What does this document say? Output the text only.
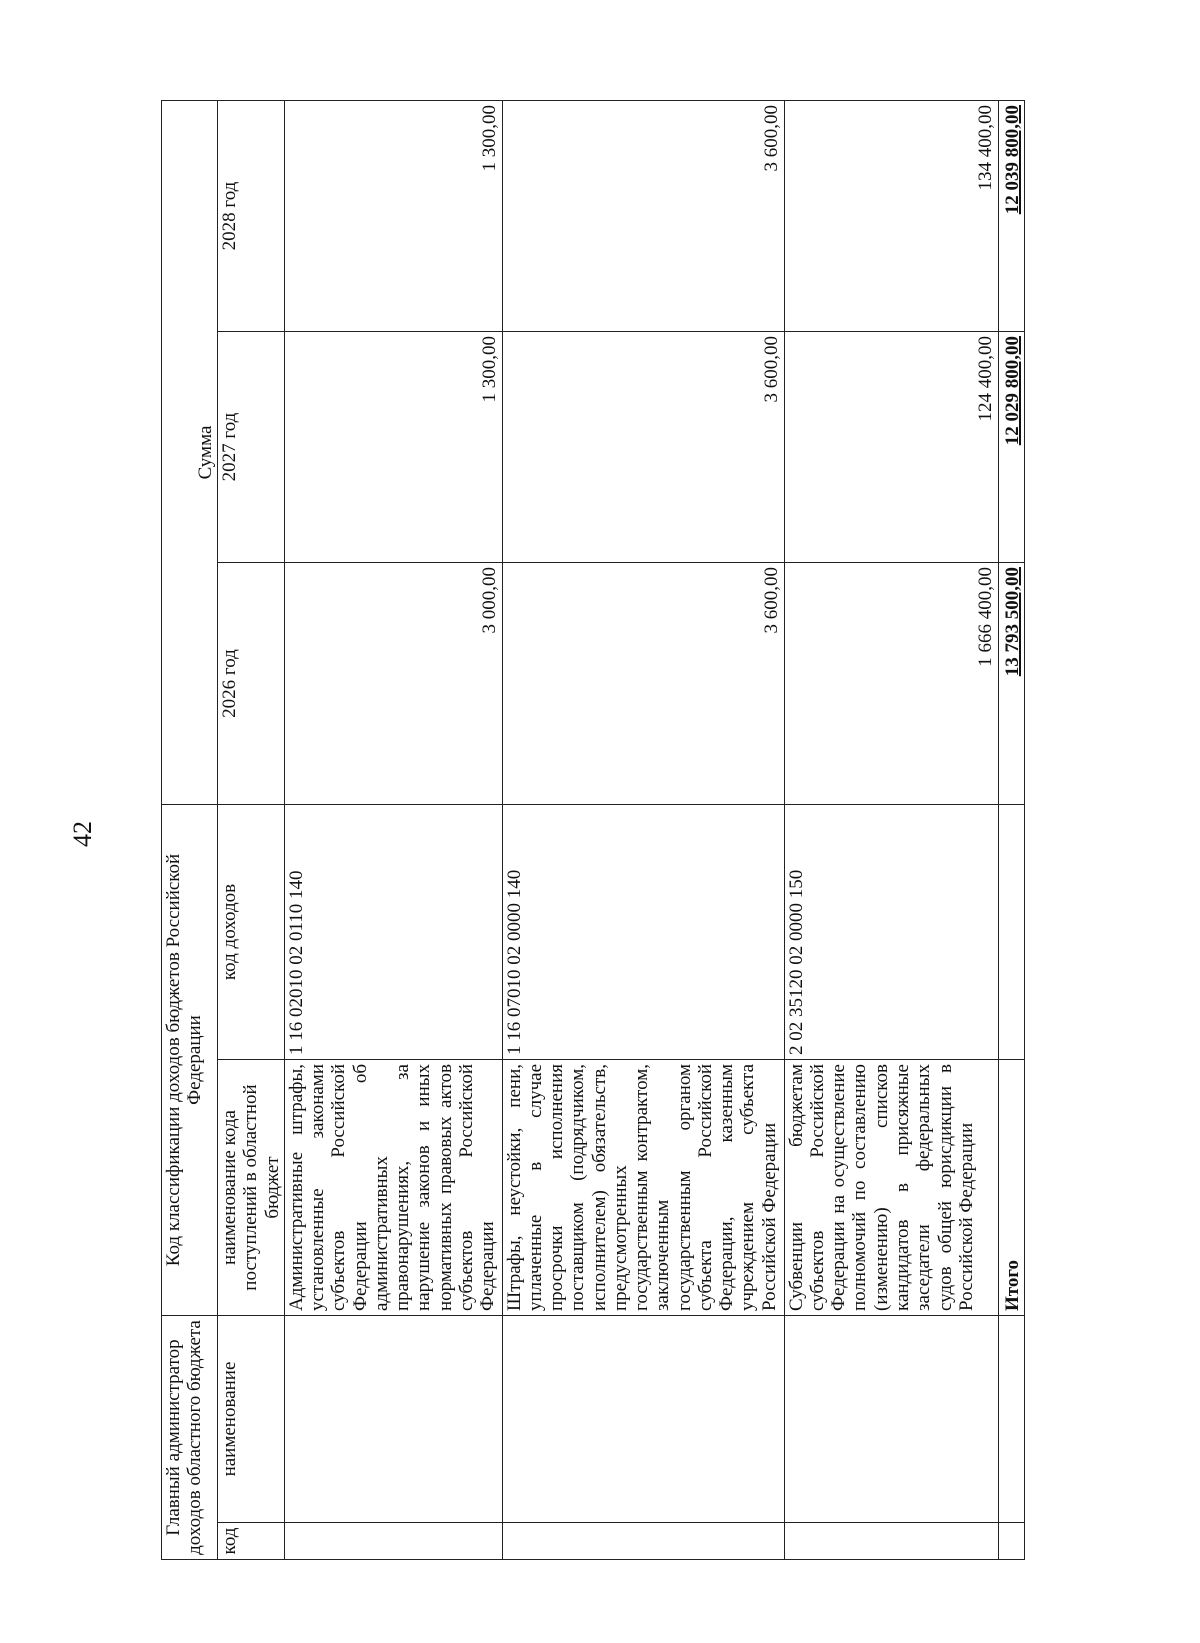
42
Главный администратор доходов областного бюджета		Код классификации доходов бюджетов Российской Федерации		Сумма		
код	наименование	наименование кода поступлений в областной бюджет	код доходов	2026 год	2027 год	2028 год
		Административные штрафы, установленные законами субъектов Российской Федерации об административных правонарушениях, за нарушение законов и иных нормативных правовых актов субъектов Российской Федерации	1 16 02010 02 0110 140	3 000,00	1 300,00	1 300,00
		Штрафы, неустойки, пени, уплаченные в случае просрочки исполнения поставщиком (подрядчиком, исполнителем) обязательств, предусмотренных государственным контрактом, заключенным государственным органом субъекта Российской Федерации, казенным учреждением субъекта Российской Федерации	1 16 07010 02 0000 140	3 600,00	3 600,00	3 600,00
		Субвенции бюджетам субъектов Российской Федерации на осуществление полномочий по составлению (изменению) списков кандидатов в присяжные заседатели федеральных судов общей юрисдикции в Российской Федерации	2 02 35120 02 0000 150	1 666 400,00	124 400,00	134 400,00
		Итого		13 793 500,00	12 029 800,00	12 039 800,00
